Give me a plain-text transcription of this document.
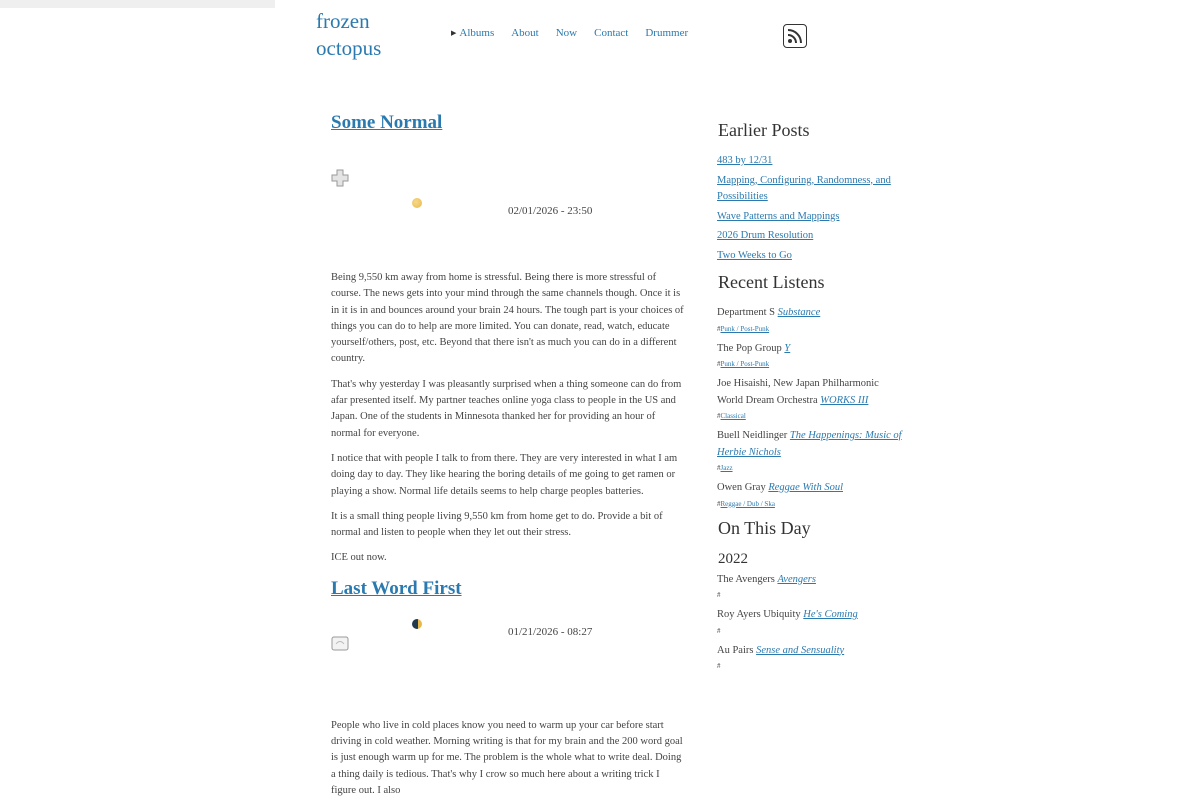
frozen
octopus
▶ Albums About Now Contact Drummer
Some Normal
02/01/2026 - 23:50

Being 9,550 km away from home is stressful. Being there is more stressful of course. The news gets into your mind through the same channels though. Once it is in it is in and bounces around your brain 24 hours. The tough part is your choices of things you can do to help are more limited. You can donate, read, watch, educate yourself/others, post, etc. Beyond that there isn't as much you can do in a different country.

That's why yesterday I was pleasantly surprised when a thing someone can do from afar presented itself. My partner teaches online yoga class to people in the US and Japan. One of the students in Minnesota thanked her for providing an hour of normal for everyone.

I notice that with people I talk to from there. They are very interested in what I am doing day to day. They like hearing the boring details of me going to get ramen or playing a show. Normal life details seems to help charge peoples batteries.

It is a small thing people living 9,550 km from home get to do. Provide a bit of normal and listen to people when they let out their stress.

ICE out now.

Last Word First
01/21/2026 - 08:27

People who live in cold places know you need to warm up your car before start driving in cold weather. Morning writing is that for my brain and the 200 word goal is just enough warm up for me. The problem is the whole what to write deal. Doing a thing daily is tedious. That's why I crow so much here about a writing trick I figure out. I also

Earlier Posts
483 by 12/31
Mapping, Configuring, Randomness, and Possibilities
Wave Patterns and Mappings
2026 Drum Resolution
Two Weeks to Go
Recent Listens
Department S Substance
#Punk / Post-Punk
The Pop Group Y
#Punk / Post-Punk
Joe Hisaishi, New Japan Philharmonic World Dream Orchestra WORKS III
#Classical
Buell Neidlinger The Happenings: Music of Herbie Nichols
#Jazz
Owen Gray Reggae With Soul
#Reggae / Dub / Ska
On This Day
2022
The Avengers Avengers
#
Roy Ayers Ubiquity He's Coming
#
Au Pairs Sense and Sensuality
#
